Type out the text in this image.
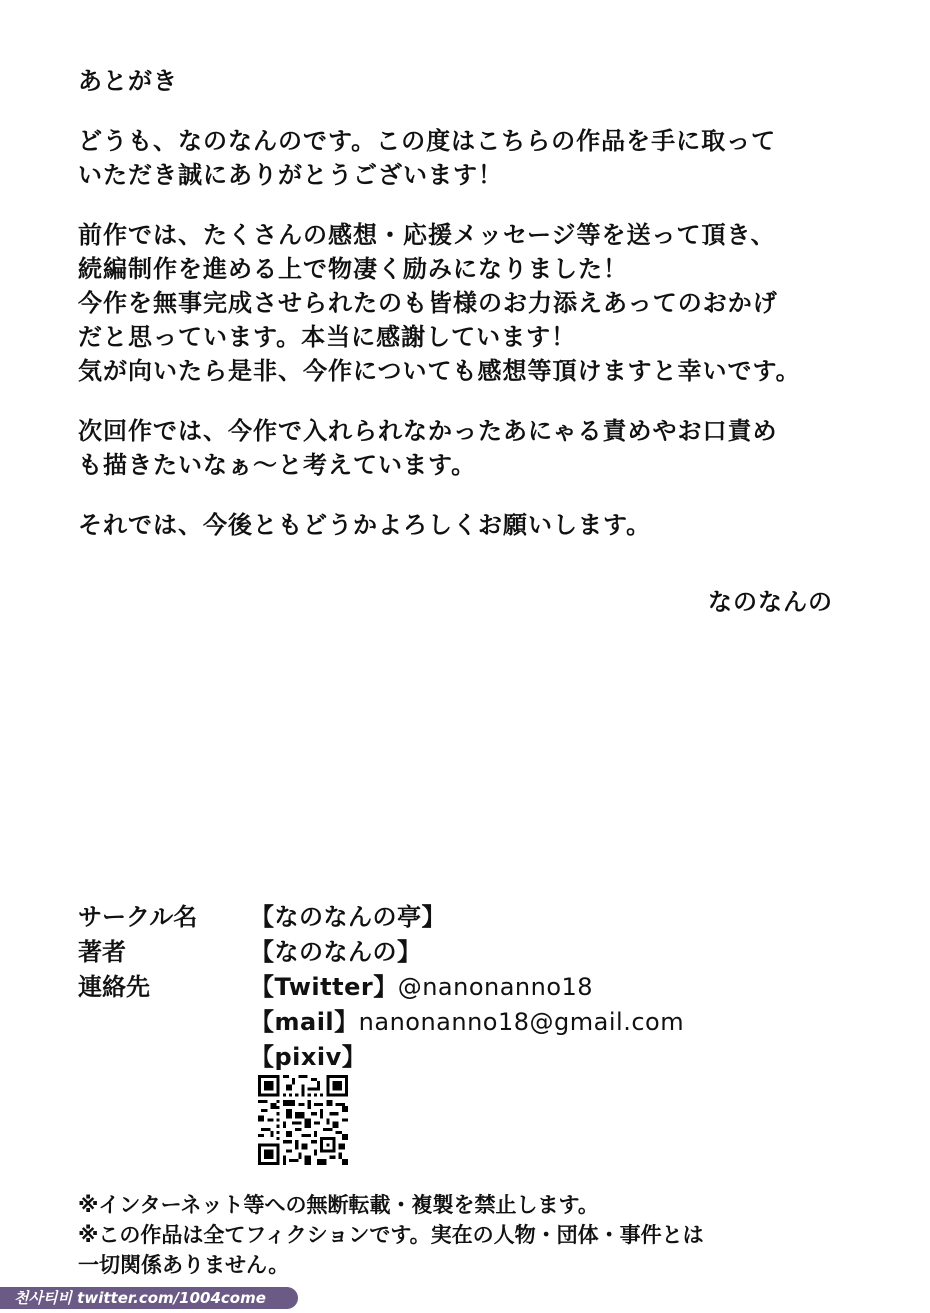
あとがき
どうも、なのなんのです。この度はこちらの作品を手に取って
いただき誠にありがとうございます！
前作では、たくさんの感想・応援メッセージ等を送って頂き、
続編制作を進める上で物凄く励みになりました！
今作を無事完成させられたのも皆様のお力添えあってのおかげ
だと思っています。本当に感謝しています！
気が向いたら是非、今作についても感想等頂けますと幸いです。
次回作では、今作で入れられなかったあにゃる責めやお口責め
も描きたいなぁ～と考えています。
それでは、今後ともどうかよろしくお願いします。
なのなんの
サークル名 【なのなんの亭】
著者	【なのなんの】
連絡先	【Twitter】@nanonanno18
【mail】nanonanno18@gmail.com
【pixiv】
※インターネット等への無断転載・複製を禁止します。
※この作品は全てフィクションです。実在の人物・団体・事件とは
一切関係ありません。
천사티비 twitter.com/1004come
